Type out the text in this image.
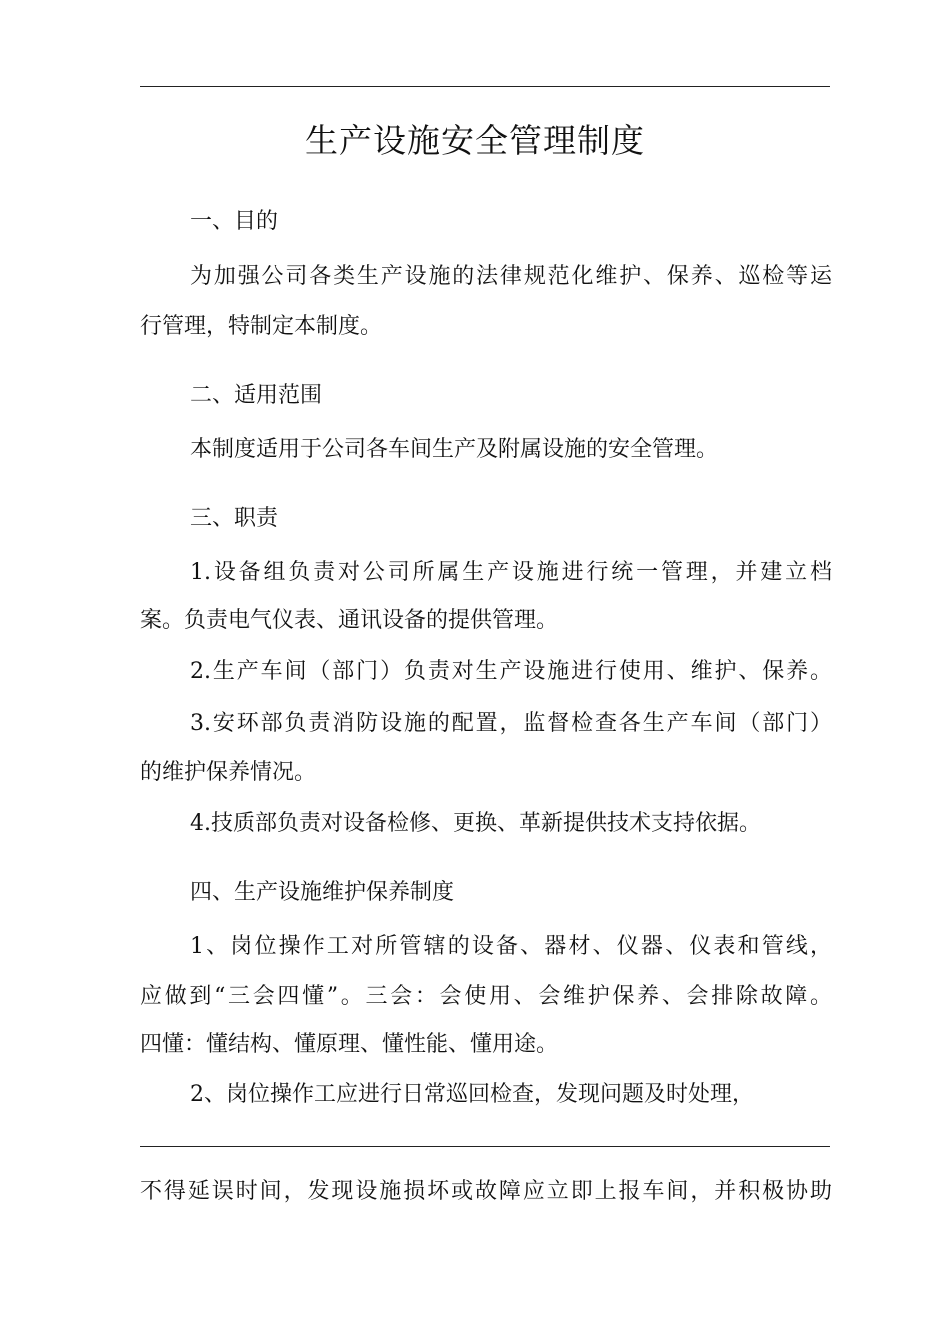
生产设施安全管理制度
一、目的
为加强公司各类生产设施的法律规范化维护、保养、巡检等运
行管理，特制定本制度。
二、适用范围
本制度适用于公司各车间生产及附属设施的安全管理。
三、职责
1.设备组负责对公司所属生产设施进行统一管理，并建立档
案。负责电气仪表、通讯设备的提供管理。
2.生产车间（部门）负责对生产设施进行使用、维护、保养。
3.安环部负责消防设施的配置，监督检查各生产车间（部门）
的维护保养情况。
4.技质部负责对设备检修、更换、革新提供技术支持依据。
四、生产设施维护保养制度
1、岗位操作工对所管辖的设备、器材、仪器、仪表和管线，
应做到“三会四懂”。三会：会使用、会维护保养、会排除故障。
四懂：懂结构、懂原理、懂性能、懂用途。
2、岗位操作工应进行日常巡回检查，发现问题及时处理，
不得延误时间，发现设施损坏或故障应立即上报车间，并积极协助
